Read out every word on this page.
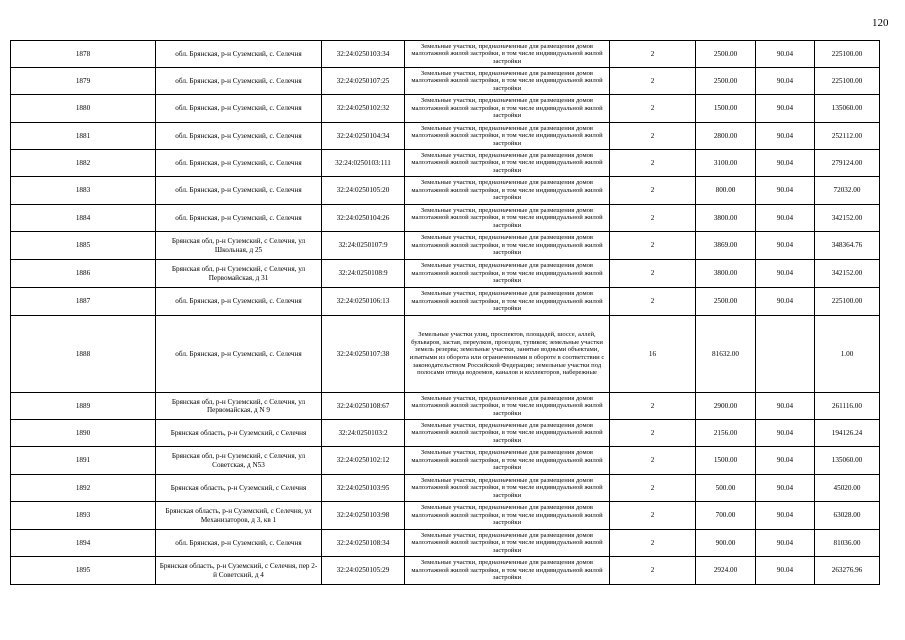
120
1878	обл. Брянская, р-н Суземский, с. Селечня	32:24:0250103:34	Земельные участки, предназначенные для размещения домов малоэтажной жилой застройки, в том числе индивидуальной жилой застройки	2	2500.00	90.04	225100.00
1879	обл. Брянская, р-н Суземский, с. Селечня	32:24:0250107:25	Земельные участки, предназначенные для размещения домов малоэтажной жилой застройки, в том числе индивидуальной жилой застройки	2	2500.00	90.04	225100.00
1880	обл. Брянская, р-н Суземский, с. Селечня	32:24:0250102:32	Земельные участки, предназначенные для размещения домов малоэтажной жилой застройки, в том числе индивидуальной жилой застройки	2	1500.00	90.04	135060.00
1881	обл. Брянская, р-н Суземский, с. Селечня	32:24:0250104:34	Земельные участки, предназначенные для размещения домов малоэтажной жилой застройки, в том числе индивидуальной жилой застройки	2	2800.00	90.04	252112.00
1882	обл. Брянская, р-н Суземский, с. Селечня	32:24:0250103:111	Земельные участки, предназначенные для размещения домов малоэтажной жилой застройки, в том числе индивидуальной жилой застройки	2	3100.00	90.04	279124.00
1883	обл. Брянская, р-н Суземский, с. Селечня	32:24:0250105:20	Земельные участки, предназначенные для размещения домов малоэтажной жилой застройки, в том числе индивидуальной жилой застройки	2	800.00	90.04	72032.00
1884	обл. Брянская, р-н Суземский, с. Селечня	32:24:0250104:26	Земельные участки, предназначенные для размещения домов малоэтажной жилой застройки, в том числе индивидуальной жилой застройки	2	3800.00	90.04	342152.00
1885	Брянская обл, р-н Суземский, с Селечня, ул Школьная, д 25	32:24:0250107:9	Земельные участки, предназначенные для размещения домов малоэтажной жилой застройки, в том числе индивидуальной жилой застройки	2	3869.00	90.04	348364.76
1886	Брянская обл, р-н Суземский, с Селечня, ул Первомайская, д 31	32:24:0250108:9	Земельные участки, предназначенные для размещения домов малоэтажной жилой застройки, в том числе индивидуальной жилой застройки	2	3800.00	90.04	342152.00
1887	обл. Брянская, р-н Суземский, с. Селечня	32:24:0250106:13	Земельные участки, предназначенные для размещения домов малоэтажной жилой застройки, в том числе индивидуальной жилой застройки	2	2500.00	90.04	225100.00
1888	обл. Брянская, р-н Суземский, с. Селечня	32:24:0250107:38	Земельные участки улиц, проспектов, площадей, шоссе, аллей, бульваров, застав, переулков, проездов, тупиков; земельные участки земель резерва; земельные участки, занятые водными объектами, изъятыми из оборота или ограниченными в обороте в соответствии с законодательством Российской Федерации; земельные участки под полосами отвода водоемов, каналов и коллекторов, набережные	16	81632.00		1.00
1889	Брянская обл, р-н Суземский, с Селечня, ул Первомайская, д N 9	32:24:0250108:67	Земельные участки, предназначенные для размещения домов малоэтажной жилой застройки, в том числе индивидуальной жилой застройки	2	2900.00	90.04	261116.00
1890	Брянская область, р-н Суземский, с Селечня	32:24:0250103:2	Земельные участки, предназначенные для размещения домов малоэтажной жилой застройки, в том числе индивидуальной жилой застройки	2	2156.00	90.04	194126.24
1891	Брянская обл, р-н Суземский, с Селечня, ул Советская, д N53	32:24:0250102:12	Земельные участки, предназначенные для размещения домов малоэтажной жилой застройки, в том числе индивидуальной жилой застройки	2	1500.00	90.04	135060.00
1892	Брянская область, р-н Суземский, с Селечня	32:24:0250103:95	Земельные участки, предназначенные для размещения домов малоэтажной жилой застройки, в том числе индивидуальной жилой застройки	2	500.00	90.04	45020.00
1893	Брянская область, р-н Суземский, с Селечня, ул Механизаторов, д 3, кв 1	32:24:0250103:98	Земельные участки, предназначенные для размещения домов малоэтажной жилой застройки, в том числе индивидуальной жилой застройки	2	700.00	90.04	63028.00
1894	обл. Брянская, р-н Суземский, с. Селечня	32:24:0250108:34	Земельные участки, предназначенные для размещения домов малоэтажной жилой застройки, в том числе индивидуальной жилой застройки	2	900.00	90.04	81036.00
1895	Брянская область, р-н Суземский, с Селечня, пер 2-й Советский, д 4	32:24:0250105:29	Земельные участки, предназначенные для размещения домов малоэтажной жилой застройки, в том числе индивидуальной жилой застройки	2	2924.00	90.04	263276.96
